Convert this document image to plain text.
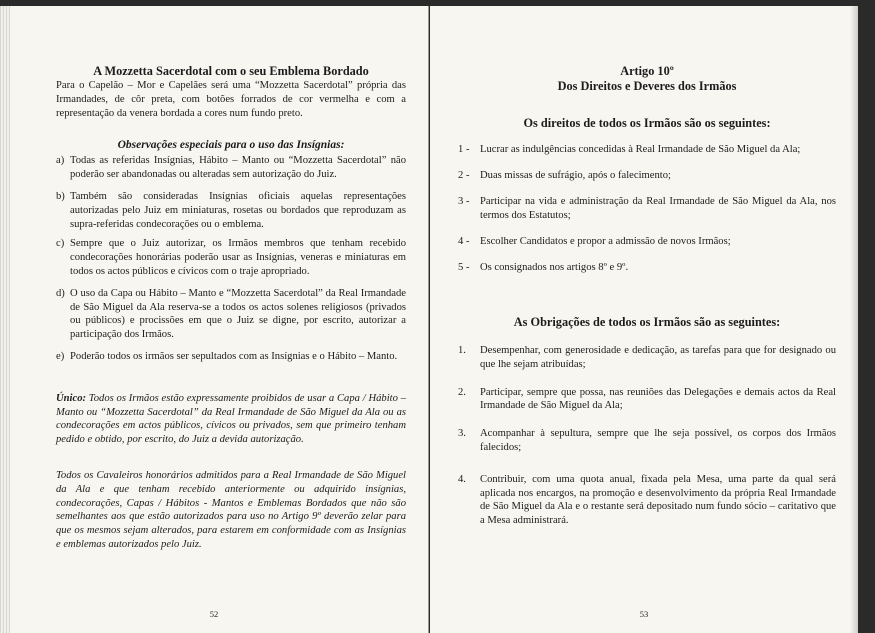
A Mozzetta Sacerdotal com o seu Emblema Bordado

Para o Capelão – Mor e Capelães será uma “Mozzetta Sacerdotal” própria das Irmandades, de côr preta, com botões forrados de cor vermelha e com a representação da venera bordada a cores num fundo preto.

Observações especiais para o uso das Insígnias:
a) Todas as referidas Insígnias, Hábito – Manto ou “Mozzetta Sacerdotal” não poderão ser abandonadas ou alteradas sem autorização do Juiz.
b) Também são consideradas Insígnias oficiais aquelas representações autorizadas pelo Juiz em miniaturas, rosetas ou bordados que reproduzam as supra-referidas condecorações ou o emblema.
c) Sempre que o Juiz autorizar, os Irmãos membros que tenham recebido condecorações honorárias poderão usar as Insígnias, veneras e miniaturas em todos os actos públicos e cívicos com o traje apropriado.
d) O uso da Capa ou Hábito – Manto e “Mozzetta Sacerdotal” da Real Irmandade de São Miguel da Ala reserva-se a todos os actos solenes religiosos (privados ou públicos) e procissões em que o Juiz se digne, por escrito, autorizar a participação dos Irmãos.
e) Poderão todos os irmãos ser sepultados com as Insígnias e o Hábito – Manto.

Único: Todos os Irmãos estão expressamente proibidos de usar a Capa / Hábito – Manto ou “Mozzetta Sacerdotal” da Real Irmandade de São Miguel da Ala ou as condecorações em actos públicos, cívicos ou privados, sem que primeiro tenham pedido e obtido, por escrito, do Juiz a devida autorização.

Todos os Cavaleiros honorários admitidos para a Real Irmandade de São Miguel da Ala e que tenham recebido anteriormente ou adquirido insígnias, condecorações, Capas / Hábitos - Mantos e Emblemas Bordados que não são semelhantes aos que estão autorizados para uso no Artigo 9º deverão zelar para que os mesmos sejam alterados, para estarem em conformidade com as Insígnias e emblemas autorizados pelo Juiz.

52
Artigo 10º
Dos Direitos e Deveres dos Irmãos
Os direitos de todos os Irmãos são os seguintes:
1 - Lucrar as indulgências concedidas à Real Irmandade de São Miguel da Ala;
2 - Duas missas de sufrágio, após o falecimento;
3 - Participar na vida e administração da Real Irmandade de São Miguel da Ala, nos termos dos Estatutos;
4 - Escolher Candidatos e propor a admissão de novos Irmãos;
5 - Os consignados nos artigos 8º e 9º.
As Obrigações de todos os Irmãos são as seguintes:
1.	Desempenhar, com generosidade e dedicação, as tarefas para que for designado ou que lhe sejam atribuídas;
2.	Participar, sempre que possa, nas reuniões das Delegações e demais actos da Real Irmandade de São Miguel da Ala;
3.	Acompanhar à sepultura, sempre que lhe seja possível, os corpos dos Irmãos falecidos;
4.	Contribuir, com uma quota anual, fixada pela Mesa, uma parte da qual será aplicada nos encargos, na promoção e desenvolvimento da própria Real Irmandade de São Miguel da Ala e o restante será depositado num fundo sócio – caritativo que a Mesa administrará.
53
